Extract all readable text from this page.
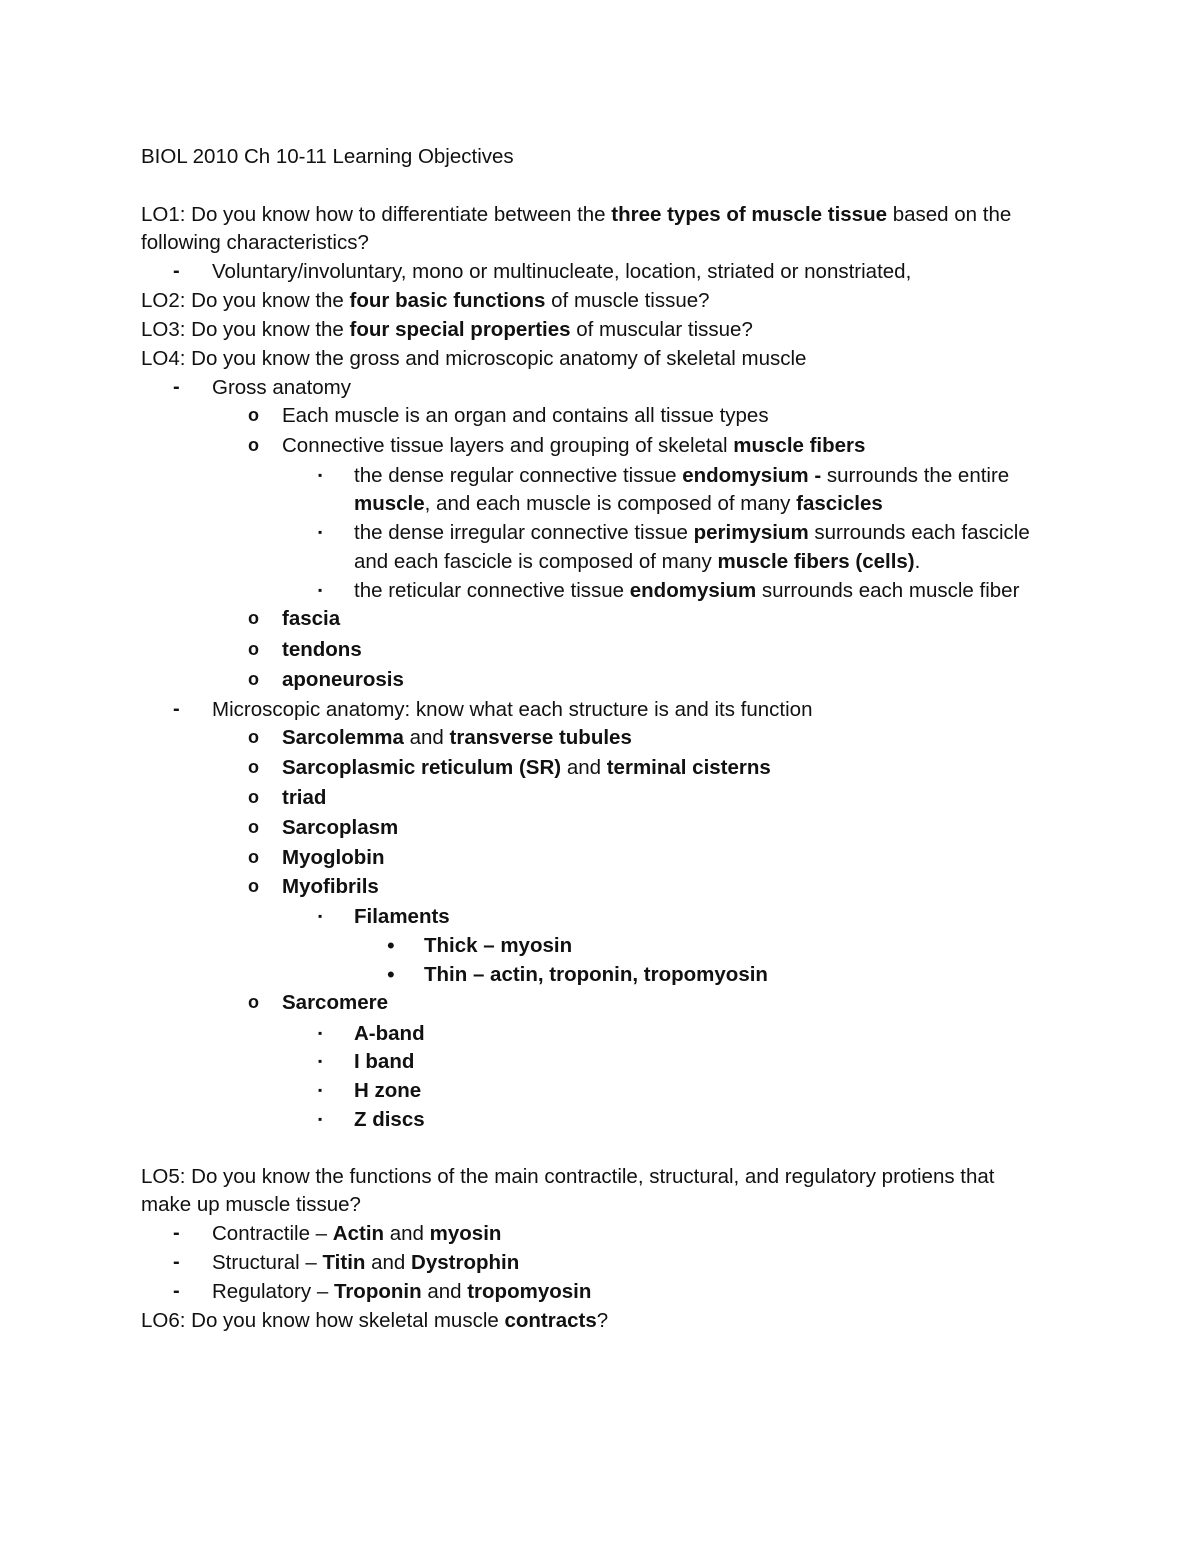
BIOL 2010 Ch 10-11 Learning Objectives
LO1: Do you know how to differentiate between the three types of muscle tissue based on the
following characteristics?
- Voluntary/involuntary, mono or multinucleate, location, striated or nonstriated,
LO2: Do you know the four basic functions of muscle tissue?
LO3: Do you know the four special properties of muscular tissue?
LO4: Do you know the gross and microscopic anatomy of skeletal muscle
- Gross anatomy
o Each muscle is an organ and contains all tissue types
o Connective tissue layers and grouping of skeletal muscle fibers
▪ the dense regular connective tissue endomysium - surrounds the entire
muscle, and each muscle is composed of many fascicles
▪ the dense irregular connective tissue perimysium surrounds each fascicle
and each fascicle is composed of many muscle fibers (cells).
▪ the reticular connective tissue endomysium surrounds each muscle fiber
o fascia
o tendons
o aponeurosis
- Microscopic anatomy: know what each structure is and its function
o Sarcolemma and transverse tubules
o Sarcoplasmic reticulum (SR) and terminal cisterns
o triad
o Sarcoplasm
o Myoglobin
o Myofibrils
▪ Filaments
• Thick – myosin
• Thin – actin, troponin, tropomyosin
o Sarcomere
▪ A-band
▪ I band
▪ H zone
▪ Z discs
LO5: Do you know the functions of the main contractile, structural, and regulatory protiens that
make up muscle tissue?
- Contractile – Actin and myosin
- Structural – Titin and Dystrophin
- Regulatory – Troponin and tropomyosin
LO6: Do you know how skeletal muscle contracts?
